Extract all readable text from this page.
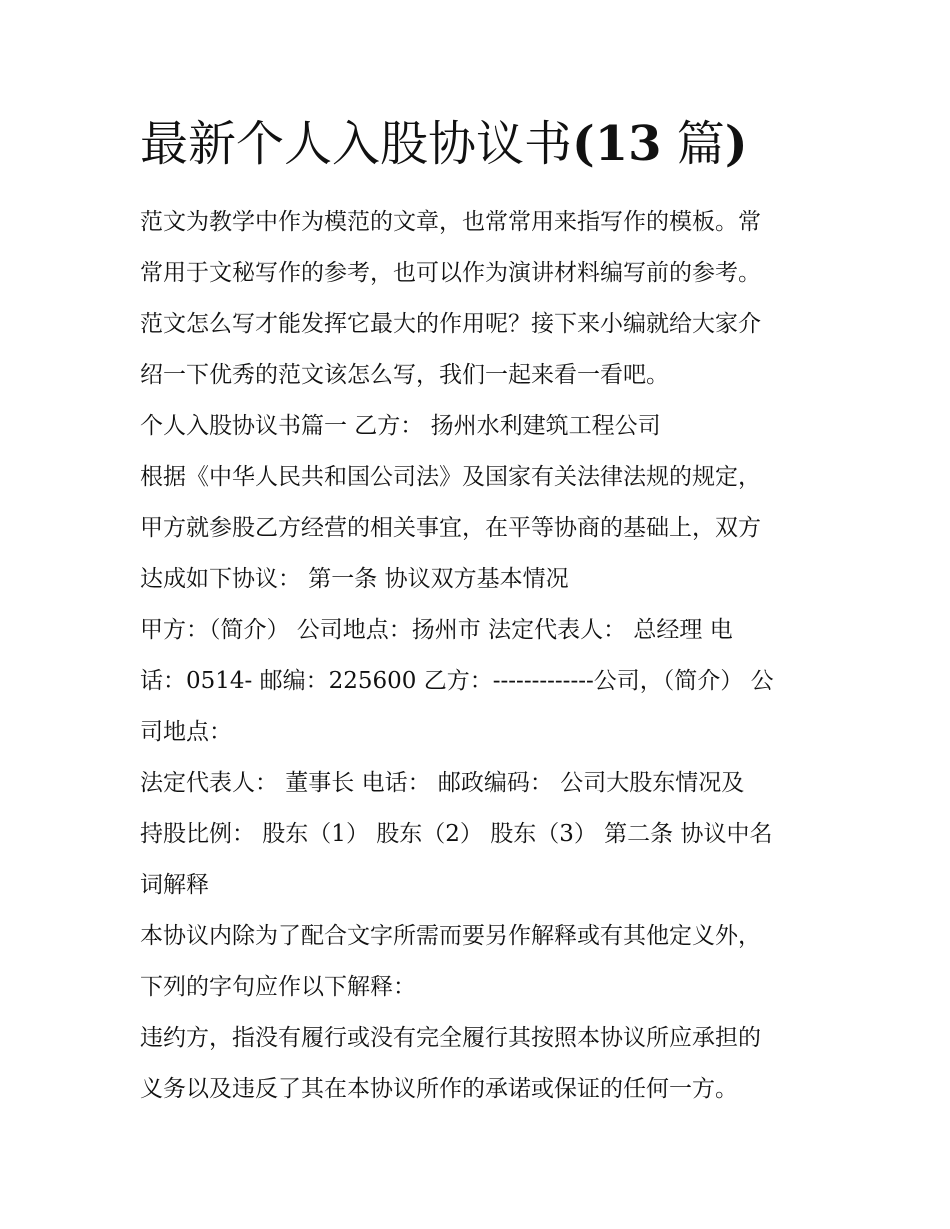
最新个人入股协议书(13 篇)

范文为教学中作为模范的文章，也常常用来指写作的模板。常

常用于文秘写作的参考，也可以作为演讲材料编写前的参考。

范文怎么写才能发挥它最大的作用呢？接下来小编就给大家介

绍一下优秀的范文该怎么写，我们一起来看一看吧。

个人入股协议书篇一 乙方： 扬州水利建筑工程公司

根据《中华人民共和国公司法》及国家有关法律法规的规定，

甲方就参股乙方经营的相关事宜，在平等协商的基础上，双方

达成如下协议： 第一条 协议双方基本情况

甲方：（简介） 公司地点：扬州市 法定代表人： 总经理 电

话：0514- 邮编：225600 乙方：-------------公司，（简介） 公

司地点：

法定代表人： 董事长 电话： 邮政编码： 公司大股东情况及

持股比例： 股东（1） 股东（2） 股东（3） 第二条 协议中名

词解释

本协议内除为了配合文字所需而要另作解释或有其他定义外，

下列的字句应作以下解释：

违约方，指没有履行或没有完全履行其按照本协议所应承担的

义务以及违反了其在本协议所作的承诺或保证的任何一方。
